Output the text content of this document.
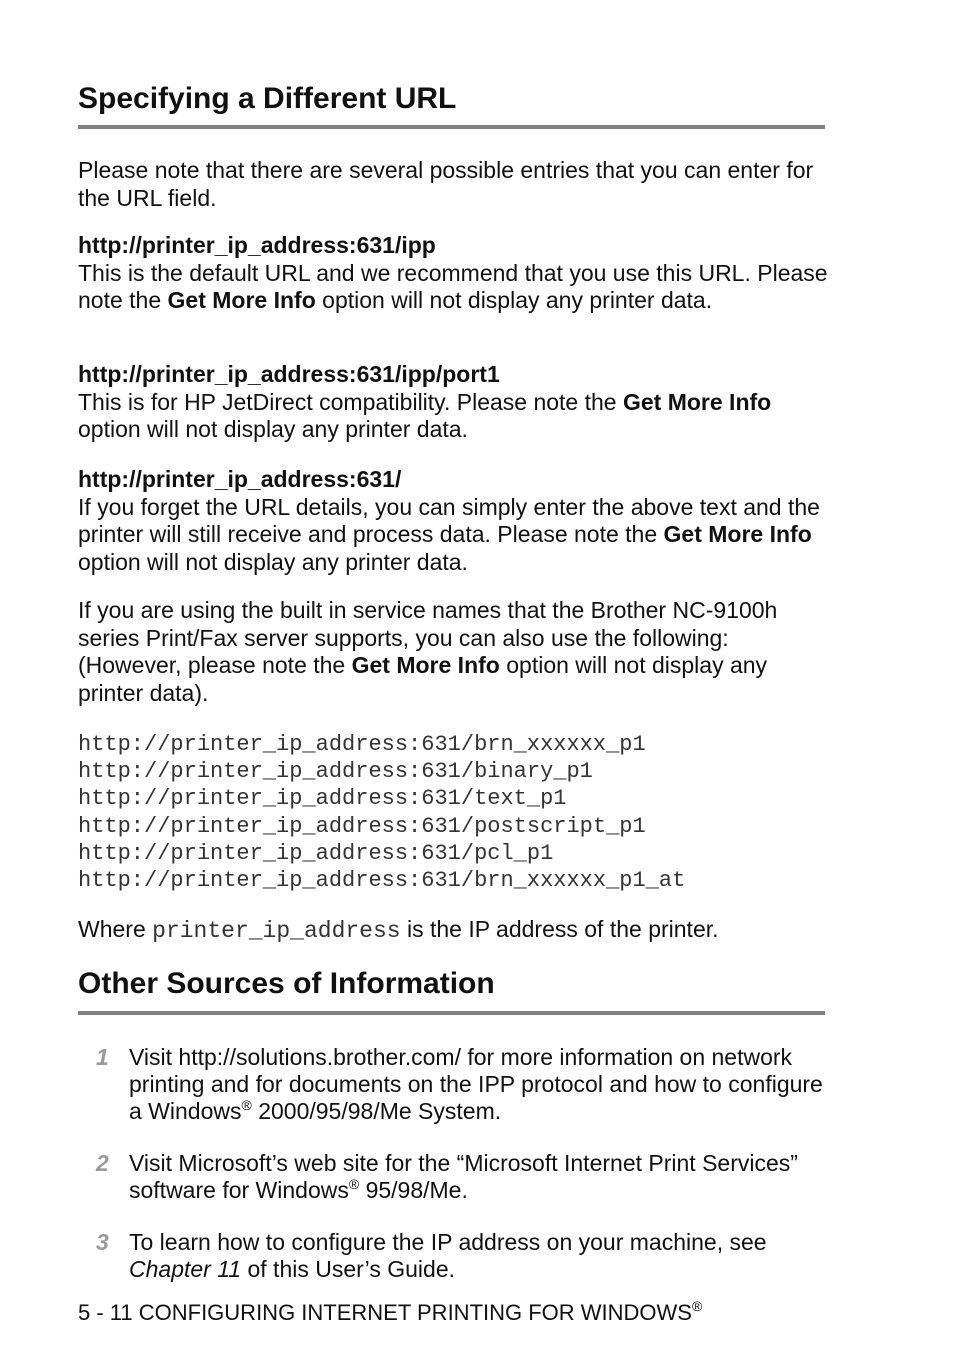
Specifying a Different URL

Please note that there are several possible entries that you can enter for the URL field.

http://printer_ip_address:631/ipp
This is the default URL and we recommend that you use this URL. Please note the Get More Info option will not display any printer data.
http://printer_ip_address:631/ipp/port1
This is for HP JetDirect compatibility. Please note the Get More Info option will not display any printer data.
http://printer_ip_address:631/
If you forget the URL details, you can simply enter the above text and the printer will still receive and process data. Please note the Get More Info option will not display any printer data.
If you are using the built in service names that the Brother NC-9100h series Print/Fax server supports, you can also use the following: (However, please note the Get More Info option will not display any printer data).
http://printer_ip_address:631/brn_xxxxxx_p1
http://printer_ip_address:631/binary_p1
http://printer_ip_address:631/text_p1
http://printer_ip_address:631/postscript_p1
http://printer_ip_address:631/pcl_p1
http://printer_ip_address:631/brn_xxxxxx_p1_at
Where printer_ip_address is the IP address of the printer.
Other Sources of Information
1 Visit http://solutions.brother.com/ for more information on network printing and for documents on the IPP protocol and how to configure a Windows® 2000/95/98/Me System.
2 Visit Microsoft’s web site for the “Microsoft Internet Print Services” software for Windows® 95/98/Me.
3 To learn how to configure the IP address on your machine, see Chapter 11 of this User’s Guide.
5 - 11 CONFIGURING INTERNET PRINTING FOR WINDOWS®
